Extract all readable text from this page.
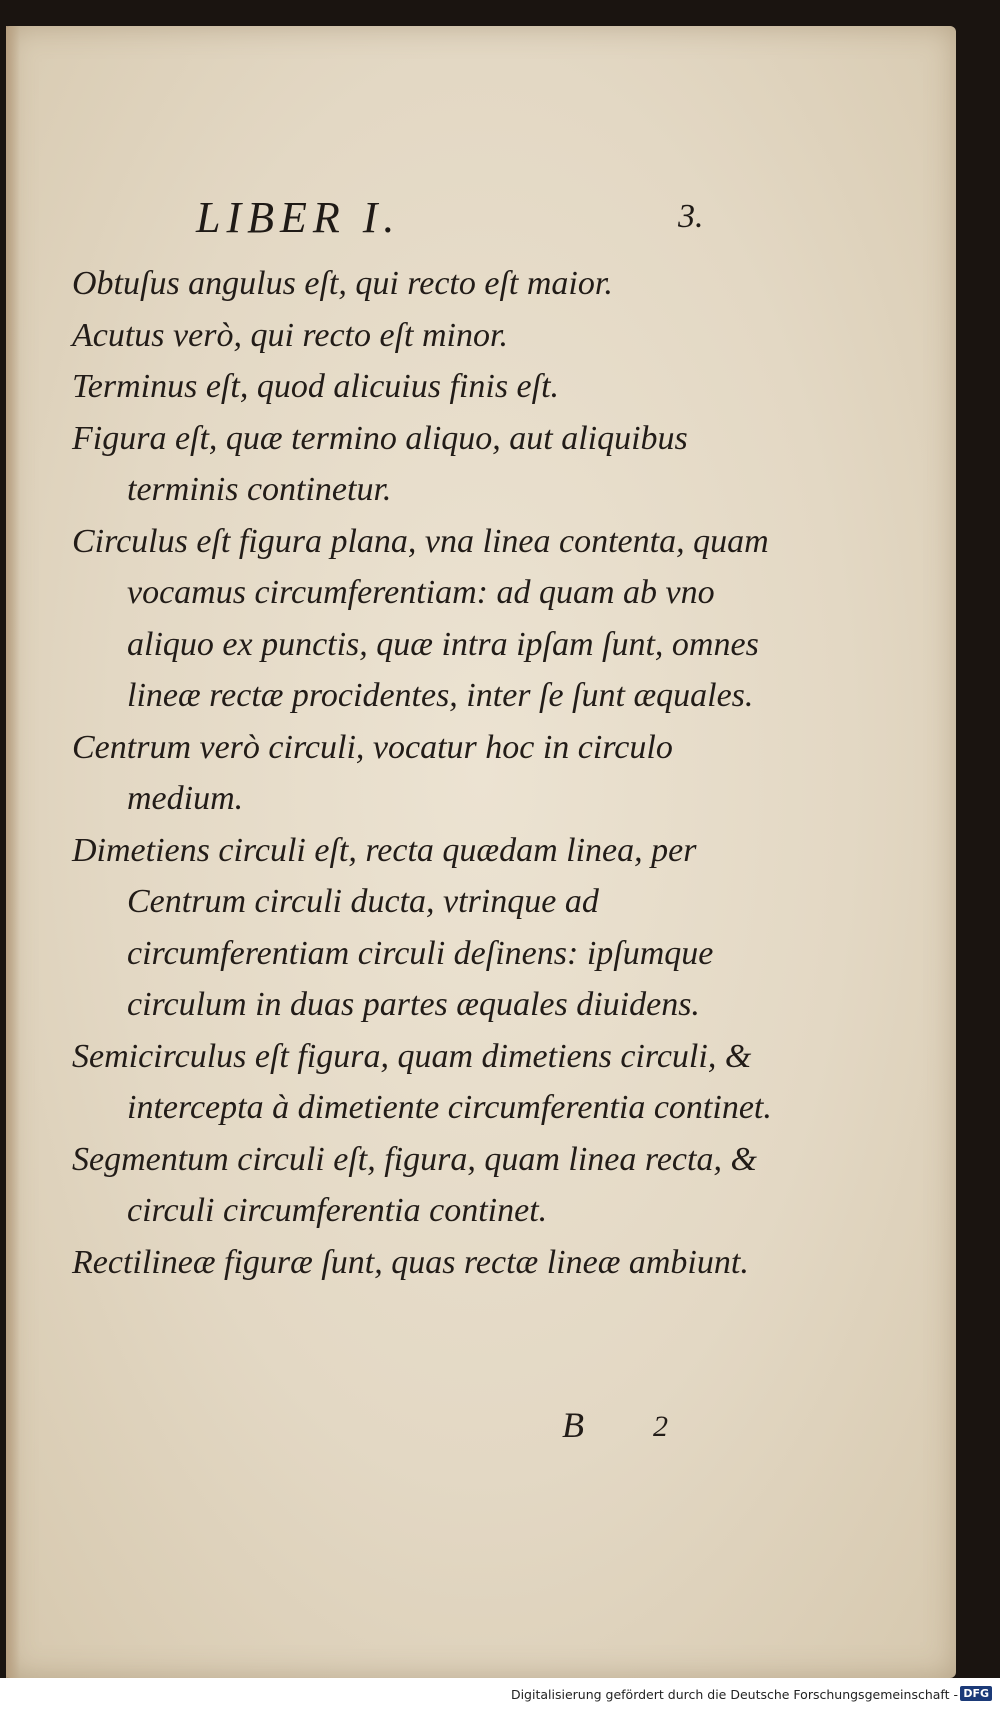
LIBER I.	3.

Obtuſus angulus eſt, qui recto eſt maior.

Acutus verò, qui recto eſt minor.

Terminus eſt, quod alicuius finis eſt.

Figura eſt, quæ termino aliquo, aut aliquibus terminis continetur.

Circulus eſt figura plana, vna linea contenta, quam vocamus circumferentiam: ad quam ab vno aliquo ex punctis, quæ intra ipſam ſunt, omnes lineæ rectæ procidentes, inter ſe ſunt æquales.

Centrum verò circuli, vocatur hoc in circulo medium.

Dimetiens circuli eſt, recta quædam linea, per Centrum circuli ducta, vtrinque ad circumferentiam circuli deſinens: ipſumque circulum in duas partes æquales diuidens.

Semicirculus eſt figura, quam dimetiens circuli, & intercepta à dimetiente circumferentia continet.

Segmentum circuli eſt, figura, quam linea recta, & circuli circumferentia continet.

Rectilineæ figuræ ſunt, quas rectæ lineæ ambiunt.

B 2
Digitalisierung gefördert durch die Deutsche Forschungsgemeinschaft - DFG
